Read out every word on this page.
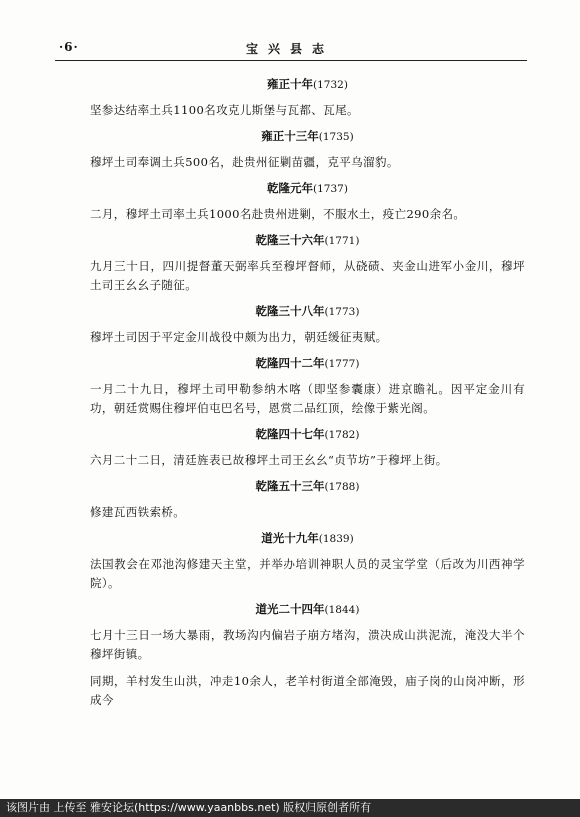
·6·	宝兴县志
雍正十年(1732)

坚参达结率土兵1100名攻克儿斯堡与瓦都、瓦尾。

雍正十三年(1735)

穆坪土司奉调土兵500名，赴贵州征剿苗疆，克平乌溜豹。

乾隆元年(1737)

二月，穆坪土司率土兵1000名赴贵州进剿，不服水土，疫亡290余名。

乾隆三十六年(1771)

九月三十日，四川提督董天弼率兵至穆坪督师，从硗碛、夹金山进军小金川，穆坪土司王幺幺子随征。

乾隆三十八年(1773)

穆坪土司因于平定金川战役中颇为出力，朝廷缓征夷赋。

乾隆四十二年(1777)

一月二十九日，穆坪土司甲勒参纳木喀（即坚参囊康）进京瞻礼。因平定金川有功，朝廷赏赐住穆坪伯屯巴名号，恩赏二品红顶，绘像于紫光阁。

乾隆四十七年(1782)

六月二十二日，清廷旌表已故穆坪土司王幺幺“贞节坊”于穆坪上街。

乾隆五十三年(1788)

修建瓦西铁索桥。

道光十九年(1839)

法国教会在邓池沟修建天主堂，并举办培训神职人员的灵宝学堂（后改为川西神学院）。

道光二十四年(1844)

七月十三日一场大暴雨，教场沟内偏岩子崩方堵沟，溃决成山洪泥流，淹没大半个穆坪街镇。

同期，羊村发生山洪，冲走10余人，老羊村街道全部淹毁，庙子岗的山岗冲断，形成今

该图片由 上传至 雅安论坛(https://www.yaanbbs.net) 版权归原创者所有
